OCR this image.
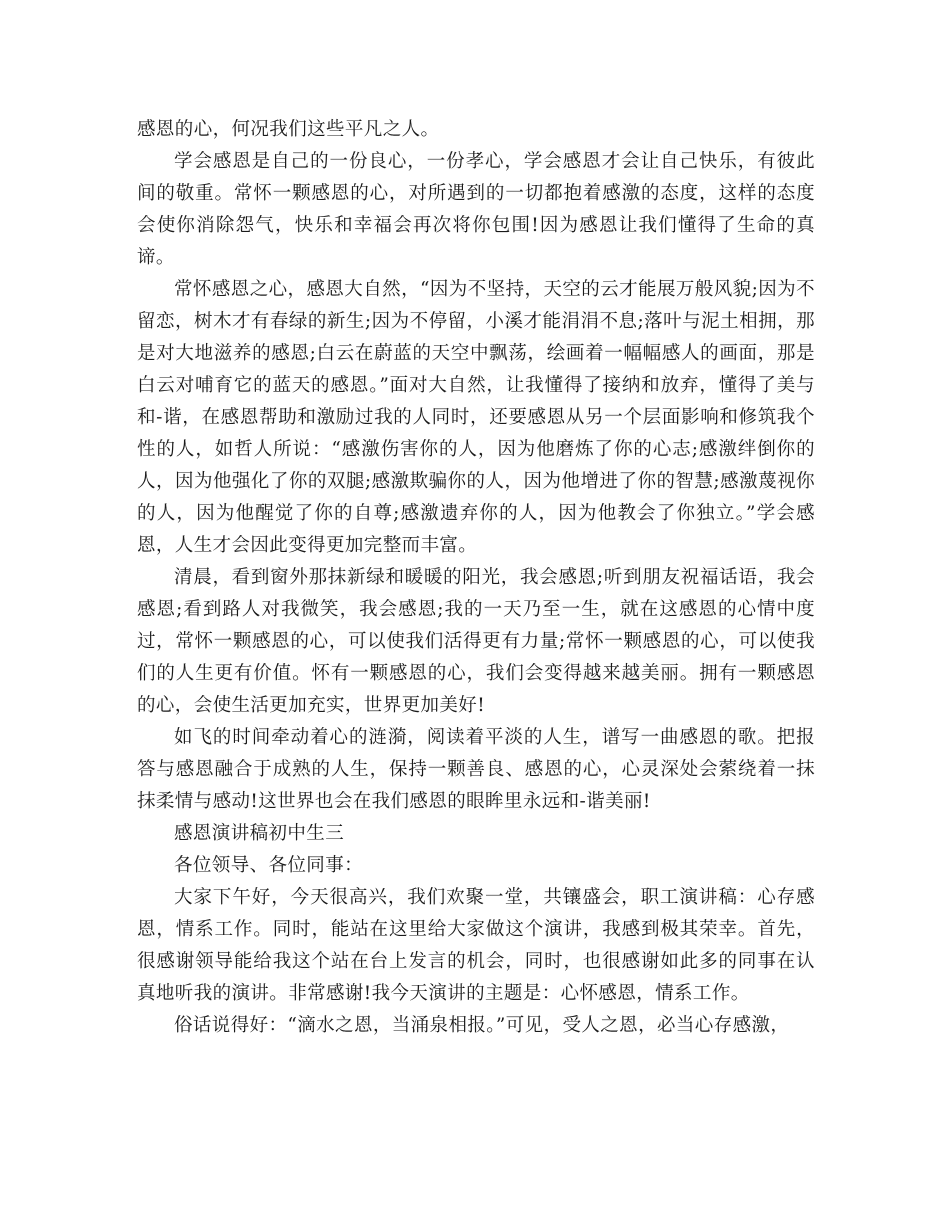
感恩的心，何况我们这些平凡之人。

学会感恩是自己的一份良心，一份孝心，学会感恩才会让自己快乐，有彼此间的敬重。常怀一颗感恩的心，对所遇到的一切都抱着感激的态度，这样的态度会使你消除怨气，快乐和幸福会再次将你包围!因为感恩让我们懂得了生命的真谛。

常怀感恩之心，感恩大自然，“因为不坚持，天空的云才能展万般风貌;因为不留恋，树木才有春绿的新生;因为不停留，小溪才能涓涓不息;落叶与泥土相拥，那是对大地滋养的感恩;白云在蔚蓝的天空中飘荡，绘画着一幅幅感人的画面，那是白云对哺育它的蓝天的感恩。”面对大自然，让我懂得了接纳和放弃，懂得了美与和-谐，在感恩帮助和激励过我的人同时，还要感恩从另一个层面影响和修筑我个性的人，如哲人所说：“感激伤害你的人，因为他磨炼了你的心志;感激绊倒你的人，因为他强化了你的双腿;感激欺骗你的人，因为他增进了你的智慧;感激蔑视你的人，因为他醒觉了你的自尊;感激遗弃你的人，因为他教会了你独立。”学会感恩，人生才会因此变得更加完整而丰富。

清晨，看到窗外那抹新绿和暖暖的阳光，我会感恩;听到朋友祝福话语，我会感恩;看到路人对我微笑，我会感恩;我的一天乃至一生，就在这感恩的心情中度过，常怀一颗感恩的心，可以使我们活得更有力量;常怀一颗感恩的心，可以使我们的人生更有价值。怀有一颗感恩的心，我们会变得越来越美丽。拥有一颗感恩的心，会使生活更加充实，世界更加美好!

如飞的时间牵动着心的涟漪，阅读着平淡的人生，谱写一曲感恩的歌。把报答与感恩融合于成熟的人生，保持一颗善良、感恩的心，心灵深处会萦绕着一抹抹柔情与感动!这世界也会在我们感恩的眼眸里永远和-谐美丽!

感恩演讲稿初中生三

各位领导、各位同事：

大家下午好，今天很高兴，我们欢聚一堂，共镶盛会，职工演讲稿：心存感恩，情系工作。同时，能站在这里给大家做这个演讲，我感到极其荣幸。首先，很感谢领导能给我这个站在台上发言的机会，同时，也很感谢如此多的同事在认真地听我的演讲。非常感谢!我今天演讲的主题是：心怀感恩，情系工作。

俗话说得好：“滴水之恩，当涌泉相报。”可见，受人之恩，必当心存感激，
